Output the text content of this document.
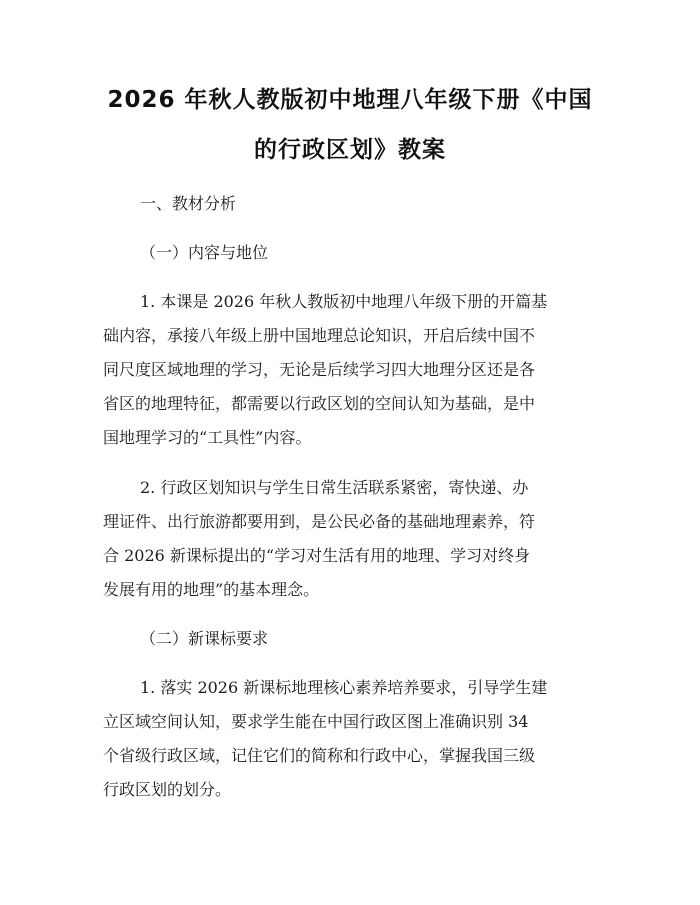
2026 年秋人教版初中地理八年级下册《中国
的行政区划》教案
一、教材分析
（一）内容与地位
1. 本课是 2026 年秋人教版初中地理八年级下册的开篇基
础内容，承接八年级上册中国地理总论知识，开启后续中国不
同尺度区域地理的学习，无论是后续学习四大地理分区还是各
省区的地理特征，都需要以行政区划的空间认知为基础，是中
国地理学习的“工具性”内容。
2. 行政区划知识与学生日常生活联系紧密，寄快递、办
理证件、出行旅游都要用到，是公民必备的基础地理素养，符
合 2026 新课标提出的“学习对生活有用的地理、学习对终身
发展有用的地理”的基本理念。
（二）新课标要求
1. 落实 2026 新课标地理核心素养培养要求，引导学生建
立区域空间认知，要求学生能在中国行政区图上准确识别 34
个省级行政区域，记住它们的简称和行政中心，掌握我国三级
行政区划的划分。
